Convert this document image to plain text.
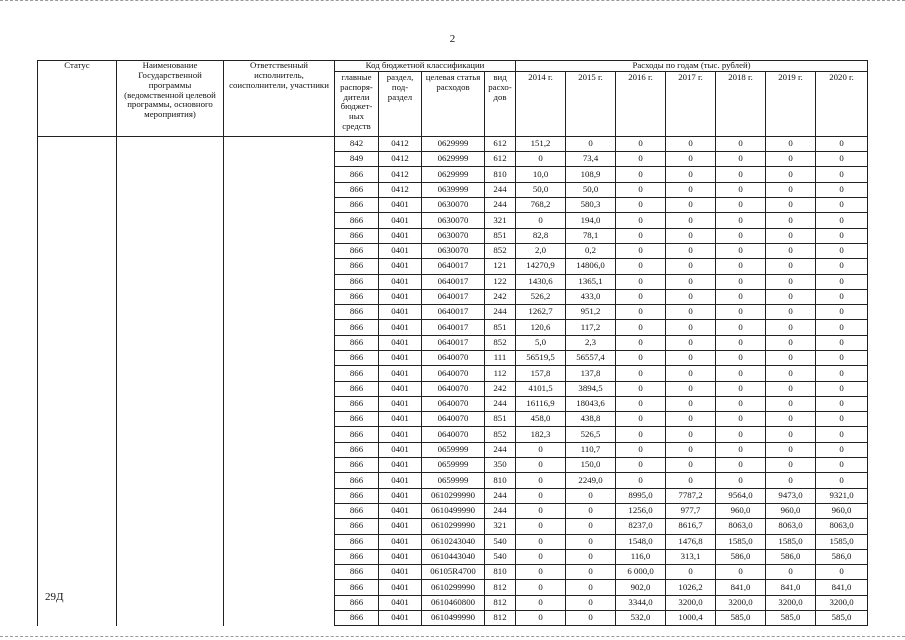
2
Статус	Наименование Государственной программы (ведомственной целевой программы, основного мероприятия)	Ответственный исполнитель, соисполнители, участники	Код бюджетной классификации				Расходы по годам (тыс. рублей)						
			главные распоря- дители бюджет- ных средств	раздел, под- раздел	целевая статья расходов	вид расхо- дов	2014 г.	2015 г.	2016 г.	2017 г.	2018 г.	2019 г.	2020 г.
			842	0412	0629999	612	151,2	0	0	0	0	0	0
			849	0412	0629999	612	0	73,4	0	0	0	0	0
			866	0412	0629999	810	10,0	108,9	0	0	0	0	0
			866	0412	0639999	244	50,0	50,0	0	0	0	0	0
			866	0401	0630070	244	768,2	580,3	0	0	0	0	0
			866	0401	0630070	321	0	194,0	0	0	0	0	0
			866	0401	0630070	851	82,8	78,1	0	0	0	0	0
			866	0401	0630070	852	2,0	0,2	0	0	0	0	0
			866	0401	0640017	121	14270,9	14806,0	0	0	0	0	0
			866	0401	0640017	122	1430,6	1365,1	0	0	0	0	0
			866	0401	0640017	242	526,2	433,0	0	0	0	0	0
			866	0401	0640017	244	1262,7	951,2	0	0	0	0	0
			866	0401	0640017	851	120,6	117,2	0	0	0	0	0
			866	0401	0640017	852	5,0	2,3	0	0	0	0	0
			866	0401	0640070	111	56519,5	56557,4	0	0	0	0	0
			866	0401	0640070	112	157,8	137,8	0	0	0	0	0
			866	0401	0640070	242	4101,5	3894,5	0	0	0	0	0
			866	0401	0640070	244	16116,9	18043,6	0	0	0	0	0
			866	0401	0640070	851	458,0	438,8	0	0	0	0	0
			866	0401	0640070	852	182,3	526,5	0	0	0	0	0
			866	0401	0659999	244	0	110,7	0	0	0	0	0
			866	0401	0659999	350	0	150,0	0	0	0	0	0
			866	0401	0659999	810	0	2249,0	0	0	0	0	0
			866	0401	0610299990	244	0	0	8995,0	7787,2	9564,0	9473,0	9321,0
			866	0401	0610499990	244	0	0	1256,0	977,7	960,0	960,0	960,0
			866	0401	0610299990	321	0	0	8237,0	8616,7	8063,0	8063,0	8063,0
			866	0401	0610243040	540	0	0	1548,0	1476,8	1585,0	1585,0	1585,0
			866	0401	0610443040	540	0	0	116,0	313,1	586,0	586,0	586,0
			866	0401	06105R4700	810	0	0	6 000,0	0	0	0	0
			866	0401	0610299990	812	0	0	902,0	1026,2	841,0	841,0	841,0
			866	0401	0610460800	812	0	0	3344,0	3200,0	3200,0	3200,0	3200,0
			866	0401	0610499990	812	0	0	532,0	1000,4	585,0	585,0	585,0
29Д
